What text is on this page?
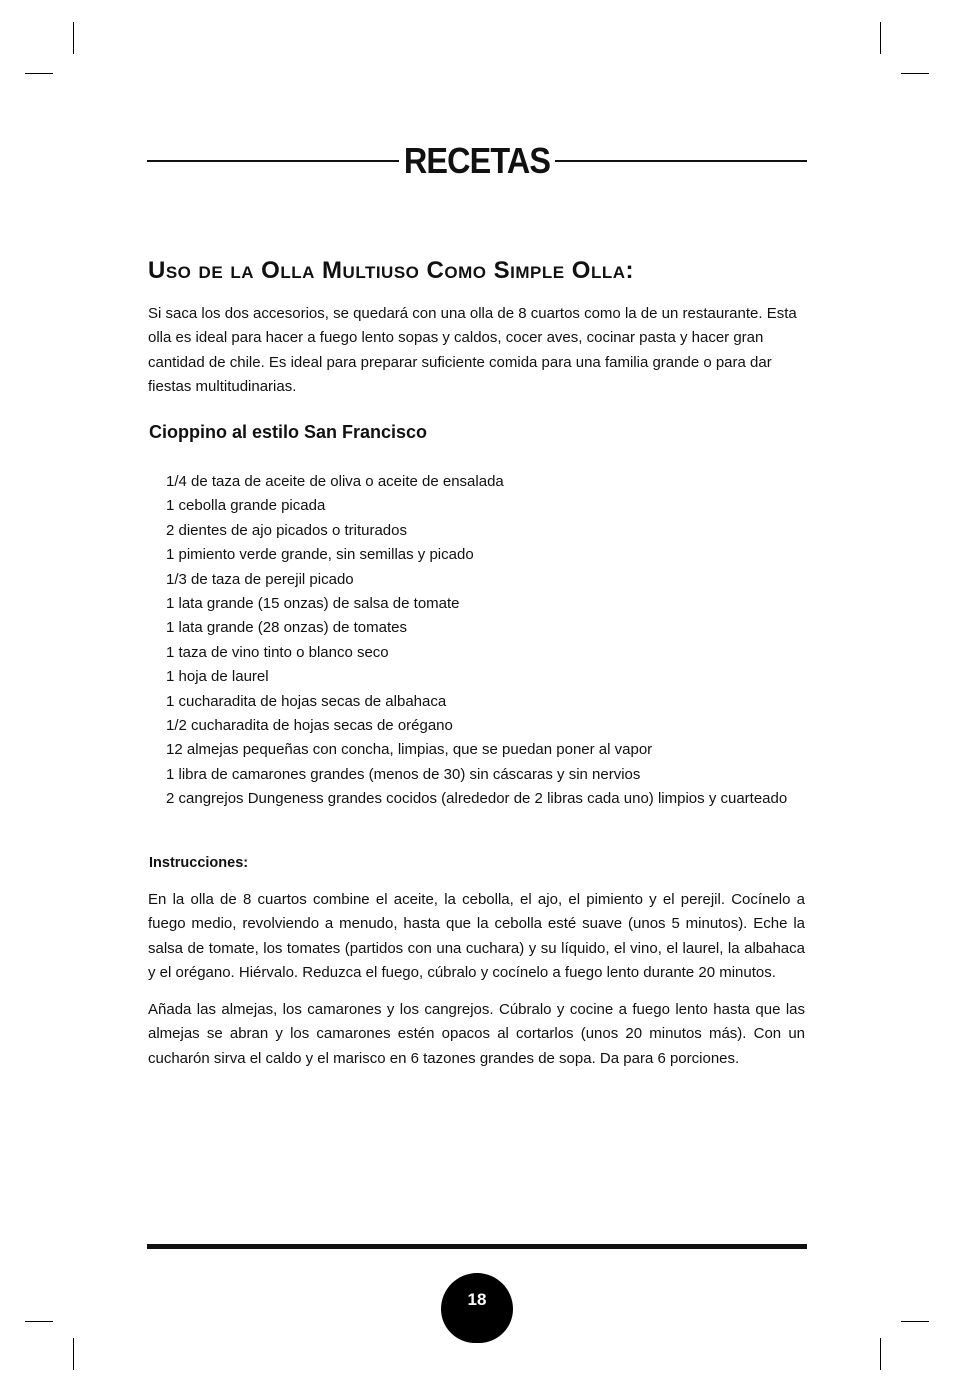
RECETAS
Uso de la Olla Multiuso Como Simple Olla:
Si saca los dos accesorios, se quedará con una olla de 8 cuartos como la de un restaurante. Esta olla es ideal para hacer a fuego lento sopas y caldos, cocer aves, cocinar pasta y hacer gran cantidad de chile. Es ideal para preparar suficiente comida para una familia grande o para dar fiestas multitudinarias.
Cioppino al estilo San Francisco
1/4 de taza de aceite de oliva o aceite de ensalada
1 cebolla grande picada
2 dientes de ajo picados o triturados
1 pimiento verde grande, sin semillas y picado
1/3 de taza de perejil picado
1 lata grande (15 onzas) de salsa de tomate
1 lata grande (28 onzas) de tomates
1 taza de vino tinto o blanco seco
1 hoja de laurel
1 cucharadita de hojas secas de albahaca
1/2 cucharadita de hojas secas de orégano
12 almejas pequeñas con concha, limpias, que se puedan poner al vapor
1 libra de camarones grandes (menos de 30) sin cáscaras y sin nervios
2 cangrejos Dungeness grandes cocidos (alrededor de 2 libras cada uno) limpios y cuarteado
Instrucciones:

En la olla de 8 cuartos combine el aceite, la cebolla, el ajo, el pimiento y el perejil. Cocínelo a fuego medio, revolviendo a menudo, hasta que la cebolla esté suave (unos 5 minutos). Eche la salsa de tomate, los tomates (partidos con una cuchara) y su líquido, el vino, el laurel, la albahaca y el orégano. Hiérvalo. Reduzca el fuego, cúbralo y cocínelo a fuego lento durante 20 minutos.

Añada las almejas, los camarones y los cangrejos. Cúbralo y cocine a fuego lento hasta que las almejas se abran y los camarones estén opacos al cortarlos (unos 20 minutos más). Con un cucharón sirva el caldo y el marisco en 6 tazones grandes de sopa. Da para 6 porciones.

18
